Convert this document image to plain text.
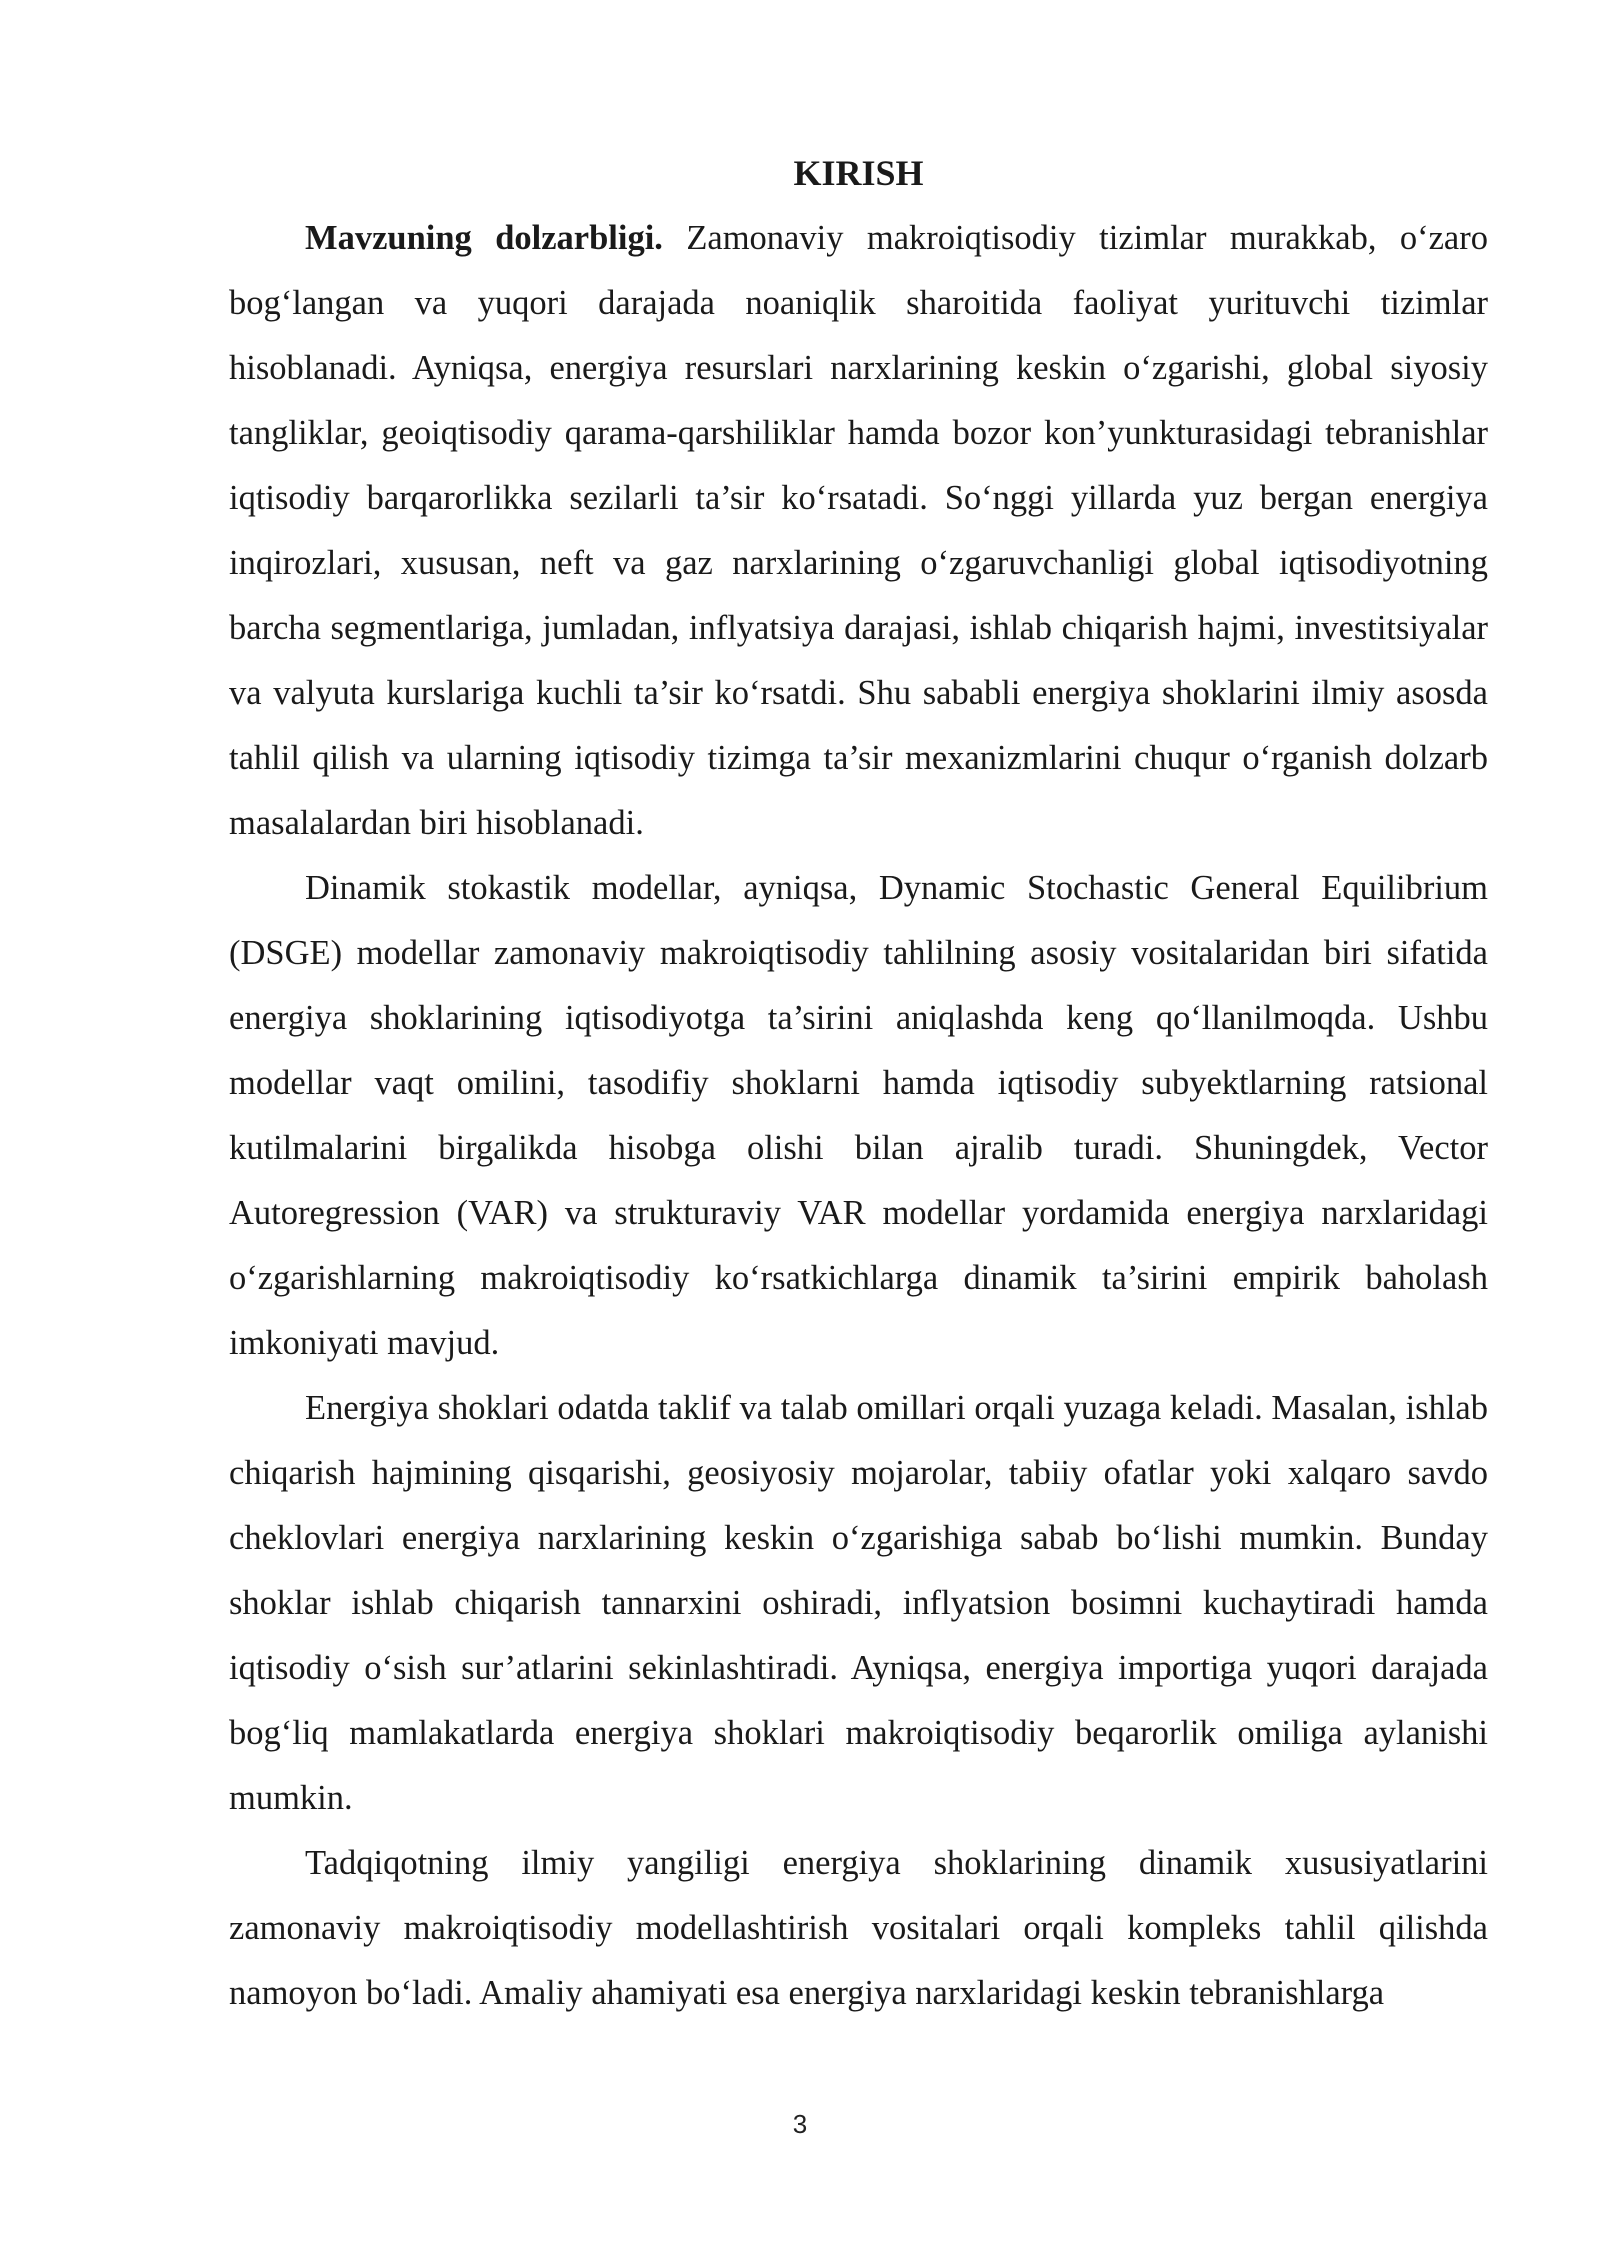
KIRISH

Mavzuning dolzarbligi. Zamonaviy makroiqtisodiy tizimlar murakkab, o‘zaro bog‘langan va yuqori darajada noaniqlik sharoitida faoliyat yurituvchi tizimlar hisoblanadi. Ayniqsa, energiya resurslari narxlarining keskin o‘zgarishi, global siyosiy tangliklar, geoiqtisodiy qarama-qarshiliklar hamda bozor kon’yunkturasidagi tebranishlar iqtisodiy barqarorlikka sezilarli ta’sir ko‘rsatadi. So‘nggi yillarda yuz bergan energiya inqirozlari, xususan, neft va gaz narxlarining o‘zgaruvchanligi global iqtisodiyotning barcha segmentlariga, jumladan, inflyatsiya darajasi, ishlab chiqarish hajmi, investitsiyalar va valyuta kurslariga kuchli ta’sir ko‘rsatdi. Shu sababli energiya shoklarini ilmiy asosda tahlil qilish va ularning iqtisodiy tizimga ta’sir mexanizmlarini chuqur o‘rganish dolzarb masalalardan biri hisoblanadi.

Dinamik stokastik modellar, ayniqsa, Dynamic Stochastic General Equilibrium (DSGE) modellar zamonaviy makroiqtisodiy tahlilning asosiy vositalaridan biri sifatida energiya shoklarining iqtisodiyotga ta’sirini aniqlashda keng qo‘llanilmoqda. Ushbu modellar vaqt omilini, tasodifiy shoklarni hamda iqtisodiy subyektlarning ratsional kutilmalarini birgalikda hisobga olishi bilan ajralib turadi. Shuningdek, Vector Autoregression (VAR) va strukturaviy VAR modellar yordamida energiya narxlaridagi o‘zgarishlarning makroiqtisodiy ko‘rsatkichlarga dinamik ta’sirini empirik baholash imkoniyati mavjud.

Energiya shoklari odatda taklif va talab omillari orqali yuzaga keladi. Masalan, ishlab chiqarish hajmining qisqarishi, geosiyosiy mojarolar, tabiiy ofatlar yoki xalqaro savdo cheklovlari energiya narxlarining keskin o‘zgarishiga sabab bo‘lishi mumkin. Bunday shoklar ishlab chiqarish tannarxini oshiradi, inflyatsion bosimni kuchaytiradi hamda iqtisodiy o‘sish sur’atlarini sekinlashtiradi. Ayniqsa, energiya importiga yuqori darajada bog‘liq mamlakatlarda energiya shoklari makroiqtisodiy beqarorlik omiliga aylanishi mumkin.

Tadqiqotning ilmiy yangiligi energiya shoklarining dinamik xususiyatlarini zamonaviy makroiqtisodiy modellashtirish vositalari orqali kompleks tahlil qilishda namoyon bo‘ladi. Amaliy ahamiyati esa energiya narxlaridagi keskin tebranishlarga

3
